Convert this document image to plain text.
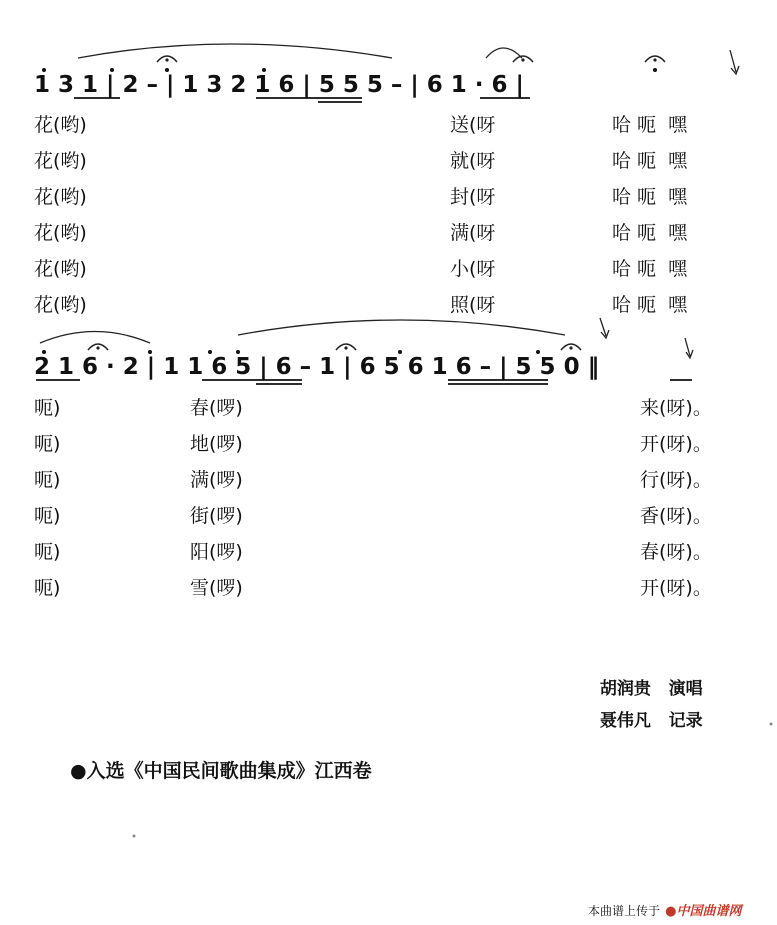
1 3 1 | 2 – | 1 3 2 1 6 | 5 5 5 – | 6 1 · 6 |
花(哟)	送(呀	哈 呃  嘿
花(哟)	就(呀	哈 呃  嘿
花(哟)	封(呀	哈 呃  嘿
花(哟)	满(呀	哈 呃  嘿
花(哟)	小(呀	哈 呃  嘿
花(哟)	照(呀	哈 呃  嘿
2 1 6 · 2 | 1 1 6 5 | 6 – 1 | 6 5 6 1 6 – | 5 5 0 ‖
呃)	春(啰)	来(呀)。
呃)	地(啰)	开(呀)。
呃)	满(啰)	行(呀)。
呃)	街(啰)	香(呀)。
呃)	阳(啰)	春(呀)。
呃)	雪(啰)	开(呀)。

胡润贵 演唱

聂伟凡 记录

●入选《中国民间歌曲集成》江西卷
本曲谱上传于 ●中国曲谱网
